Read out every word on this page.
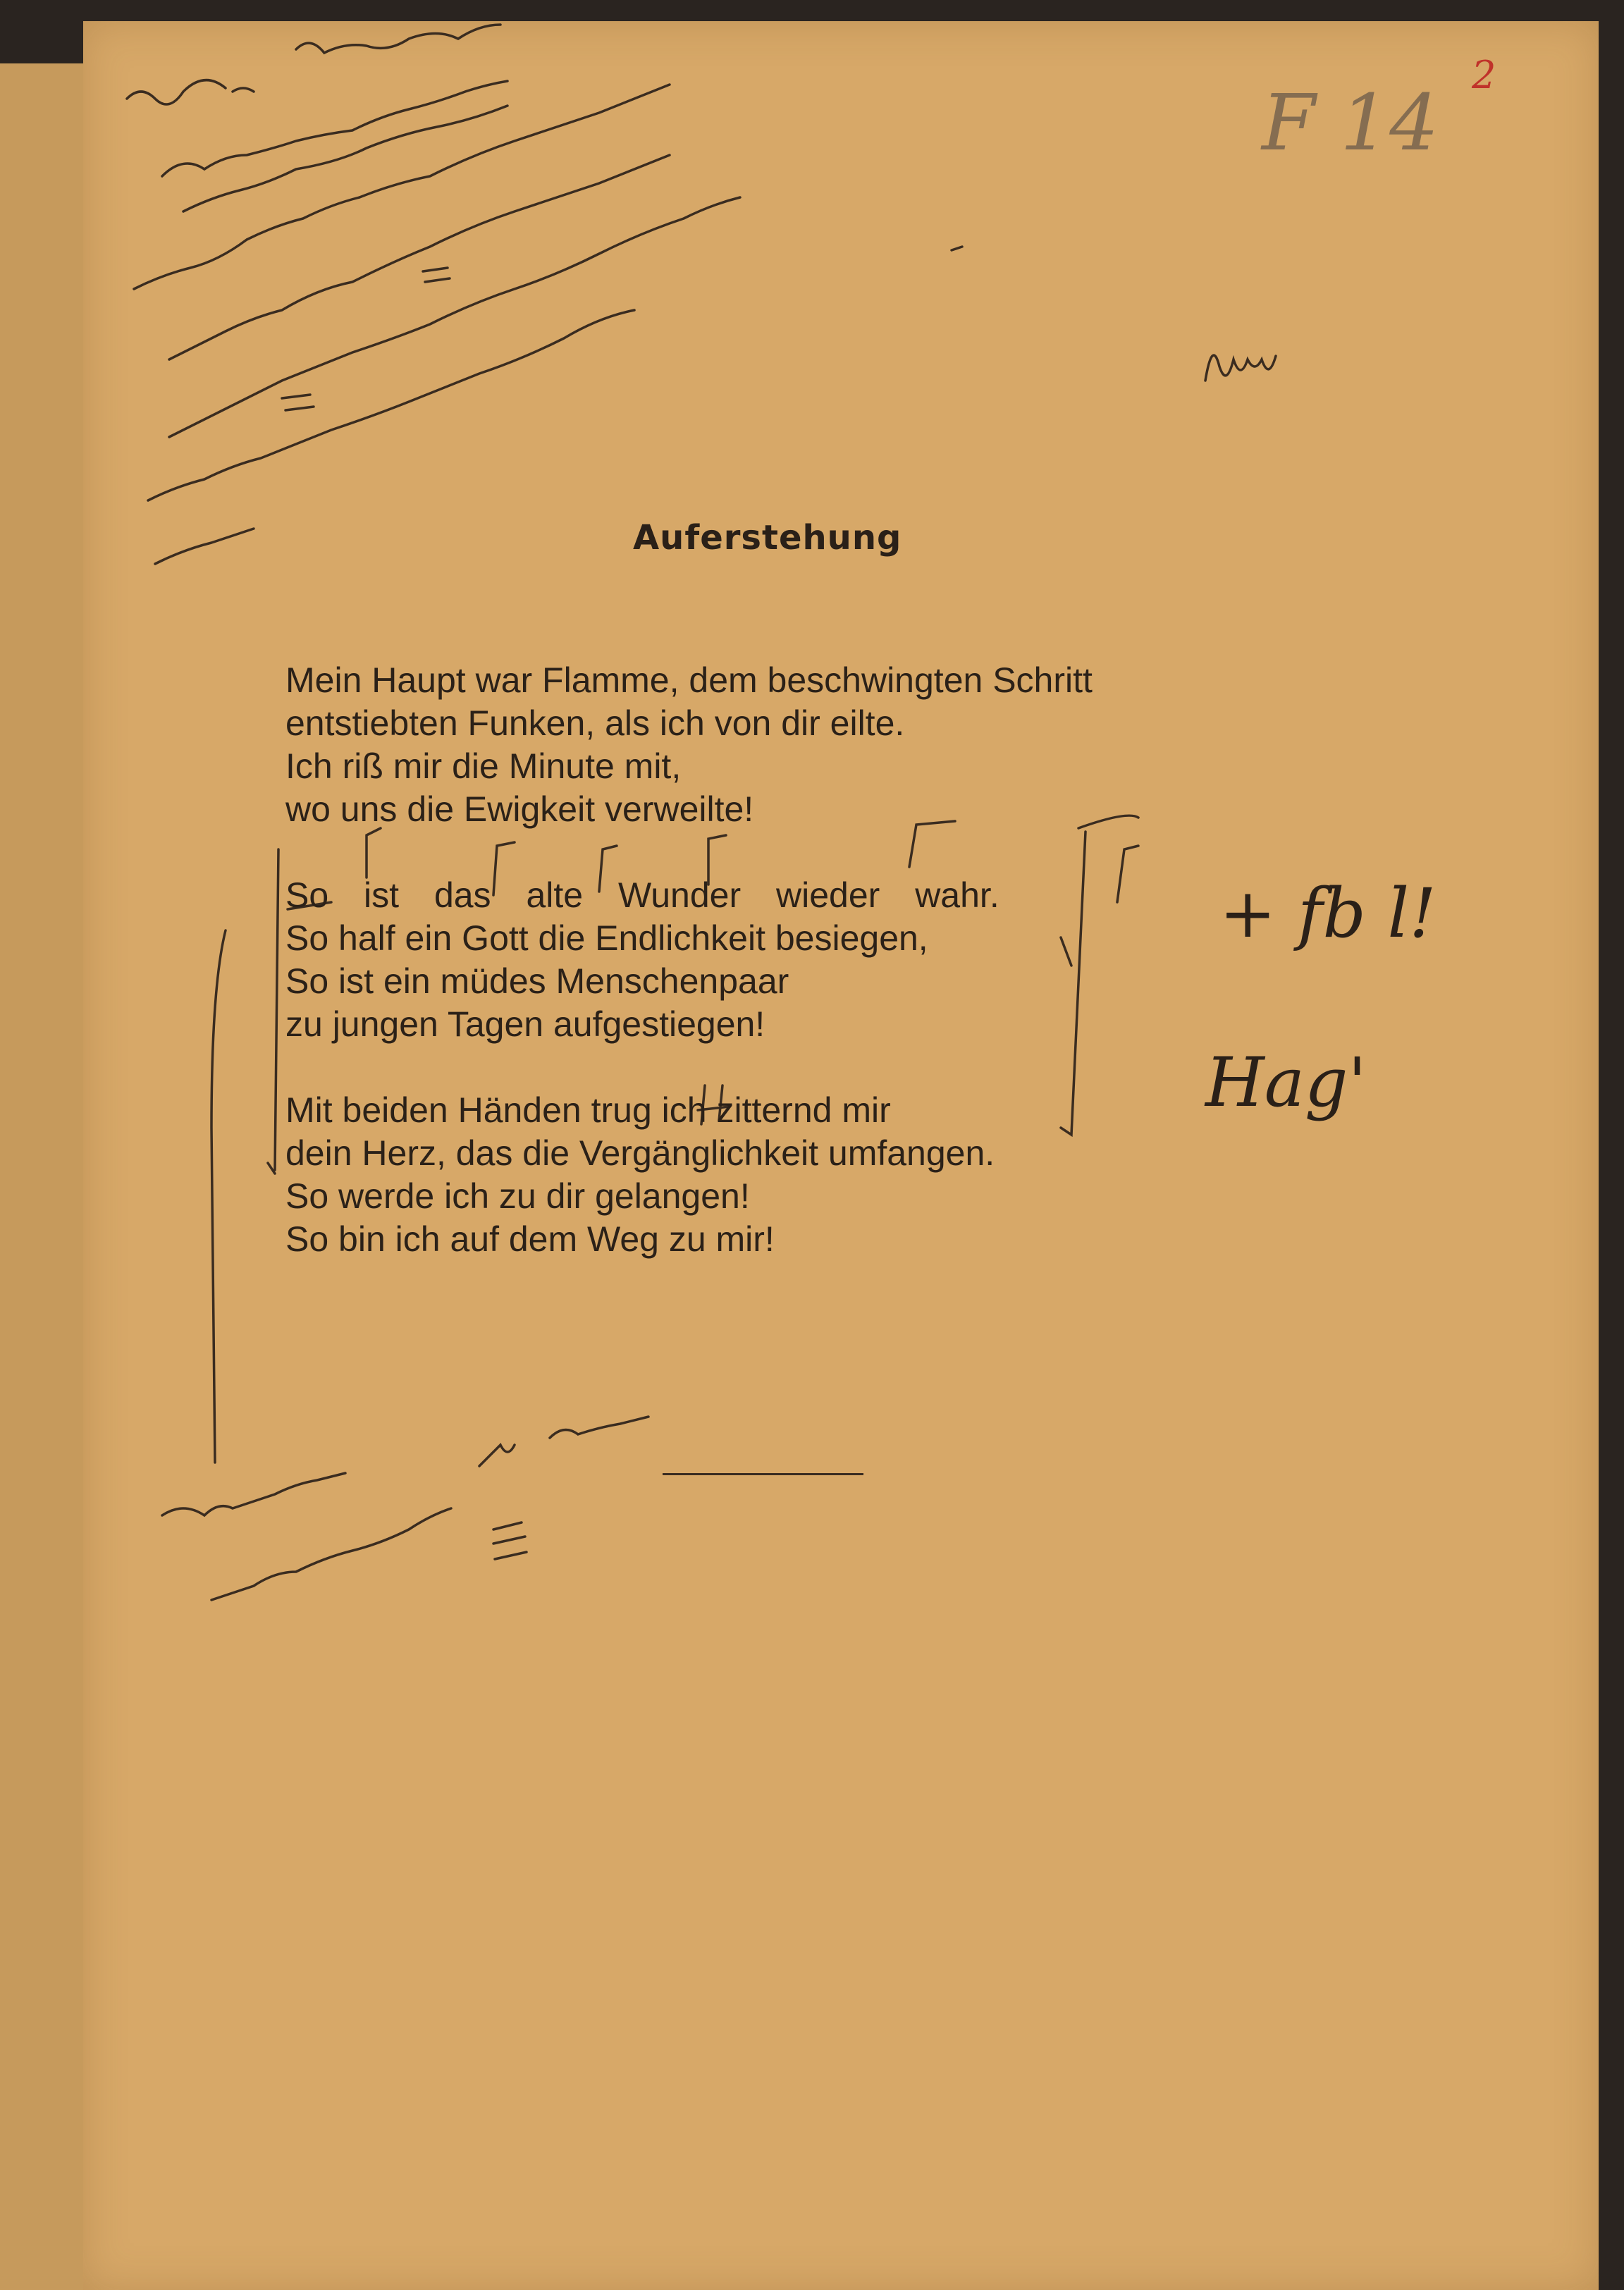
F 14
2
+ fb l!
Hag'
Auferstehung
Mein Haupt war Flamme, dem beschwingten Schritt
entstiebten Funken, als ich von dir eilte.
Ich riß mir die Minute mit,
wo uns die Ewigkeit verweilte!
So ist das alte Wunder wieder wahr.
So half ein Gott die Endlichkeit besiegen,
So ist ein müdes Menschenpaar
zu jungen Tagen aufgestiegen!
Mit beiden Händen trug ich zitternd mir
dein Herz, das die Vergänglichkeit umfangen.
So werde ich zu dir gelangen!
So bin ich auf dem Weg zu mir!
